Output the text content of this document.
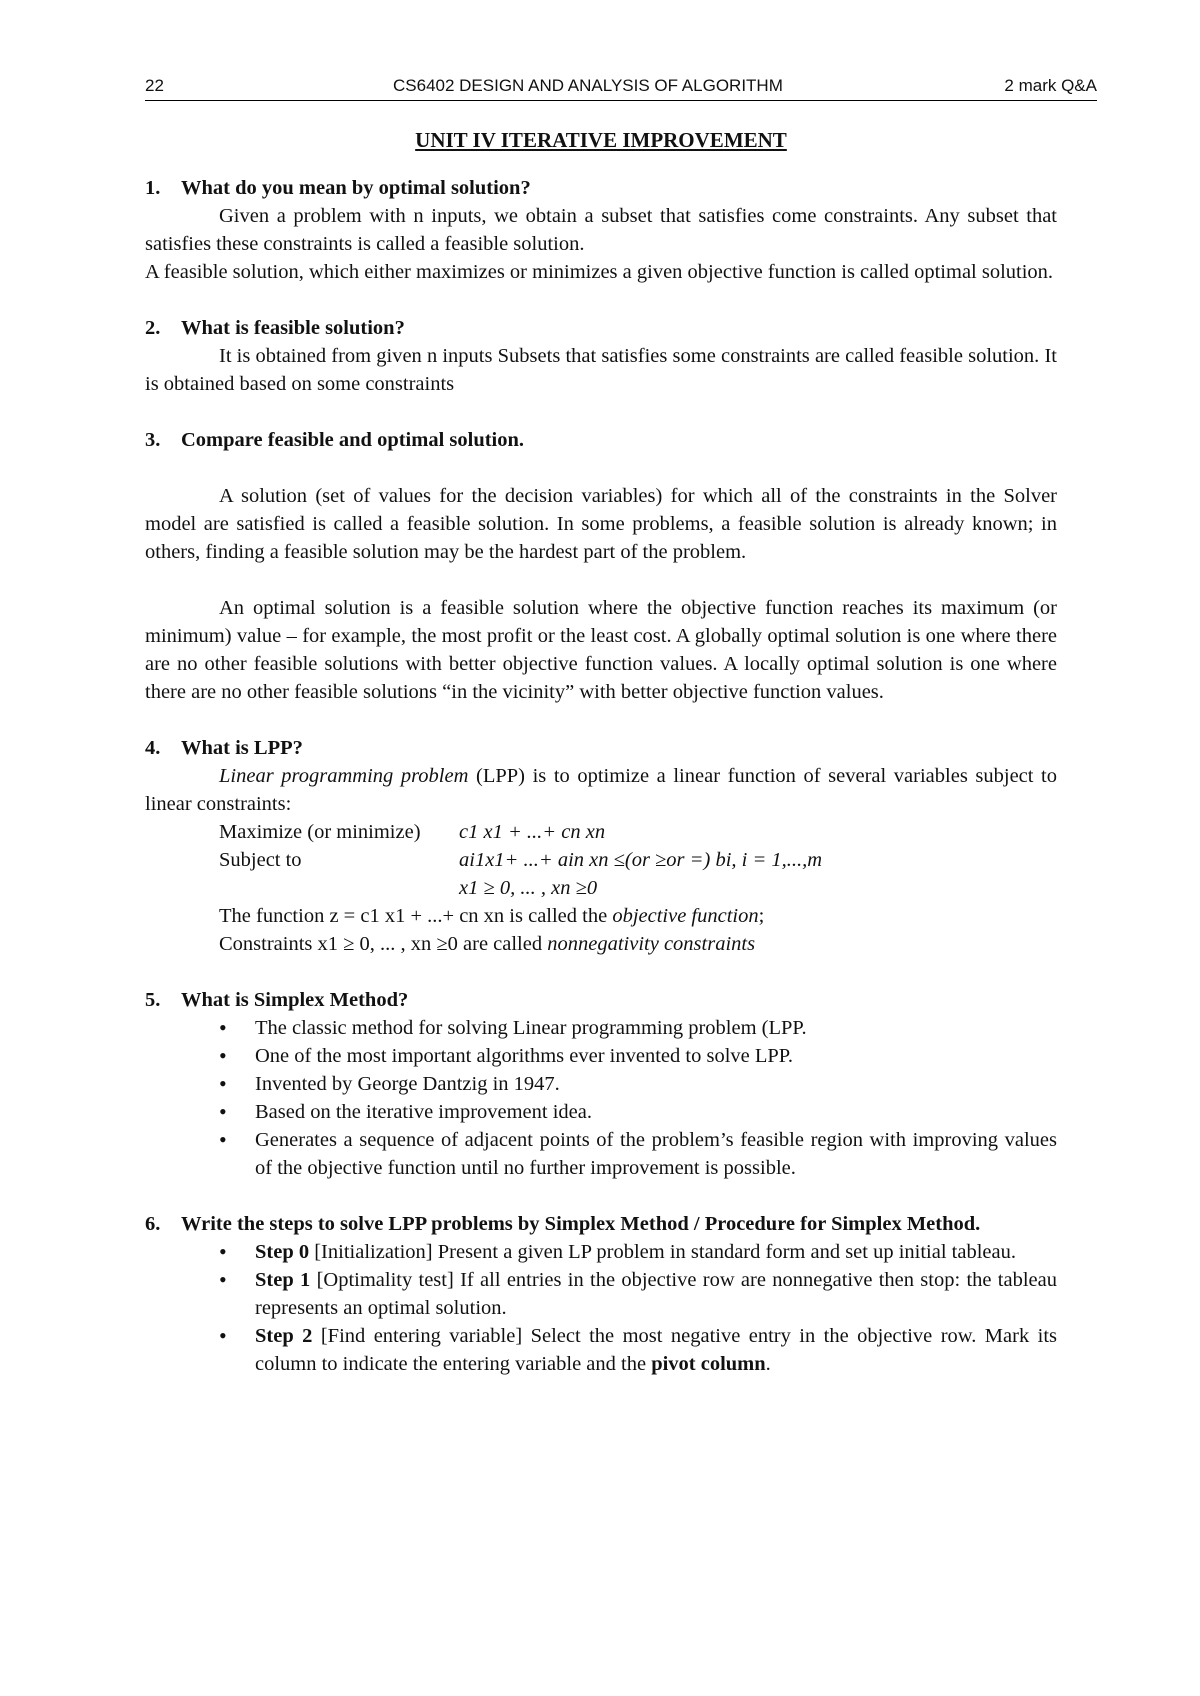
22	CS6402 DESIGN AND ANALYSIS OF ALGORITHM	2 mark Q&A
UNIT IV ITERATIVE IMPROVEMENT
1. What do you mean by optimal solution?

Given a problem with n inputs, we obtain a subset that satisfies come constraints. Any subset that satisfies these constraints is called a feasible solution.

A feasible solution, which either maximizes or minimizes a given objective function is called optimal solution.

2. What is feasible solution?

It is obtained from given n inputs Subsets that satisfies some constraints are called feasible solution. It is obtained based on some constraints

3. Compare feasible and optimal solution.

A solution (set of values for the decision variables) for which all of the constraints in the Solver model are satisfied is called a feasible solution. In some problems, a feasible solution is already known; in others, finding a feasible solution may be the hardest part of the problem.

An optimal solution is a feasible solution where the objective function reaches its maximum (or minimum) value – for example, the most profit or the least cost. A globally optimal solution is one where there are no other feasible solutions with better objective function values. A locally optimal solution is one where there are no other feasible solutions “in the vicinity” with better objective function values.

4. What is LPP?

Linear programming problem (LPP) is to optimize a linear function of several variables subject to linear constraints:

Maximize (or minimize)	c1 x1 + ...+ cn xn
Subject to	ai1x1+ ...+ ain xn ≤(or ≥or =) bi, i = 1,...,m
x1 ≥ 0, ... , xn ≥0
The function z = c1 x1 + ...+ cn xn is called the
objective function ;
Constraints x1 ≥ 0, ... , xn ≥0 are called
nonnegativity constraints
5. What is Simplex Method?
• The classic method for solving Linear programming problem (LPP.
• One of the most important algorithms ever invented to solve LPP.
• Invented by George Dantzig in 1947.
• Based on the iterative improvement idea.
• Generates a sequence of adjacent points of the problem’s feasible region with improving values of the objective function until no further improvement is possible.
6. Write the steps to solve LPP problems by Simplex Method / Procedure for Simplex Method.
• Step 0 [Initialization] Present a given LP problem in standard form and set up initial tableau.
• Step 1 [Optimality test] If all entries in the objective row are nonnegative then stop: the tableau represents an optimal solution.
• Step 2 [Find entering variable] Select the most negative entry in the objective row. Mark its column to indicate the entering variable and the pivot column.
